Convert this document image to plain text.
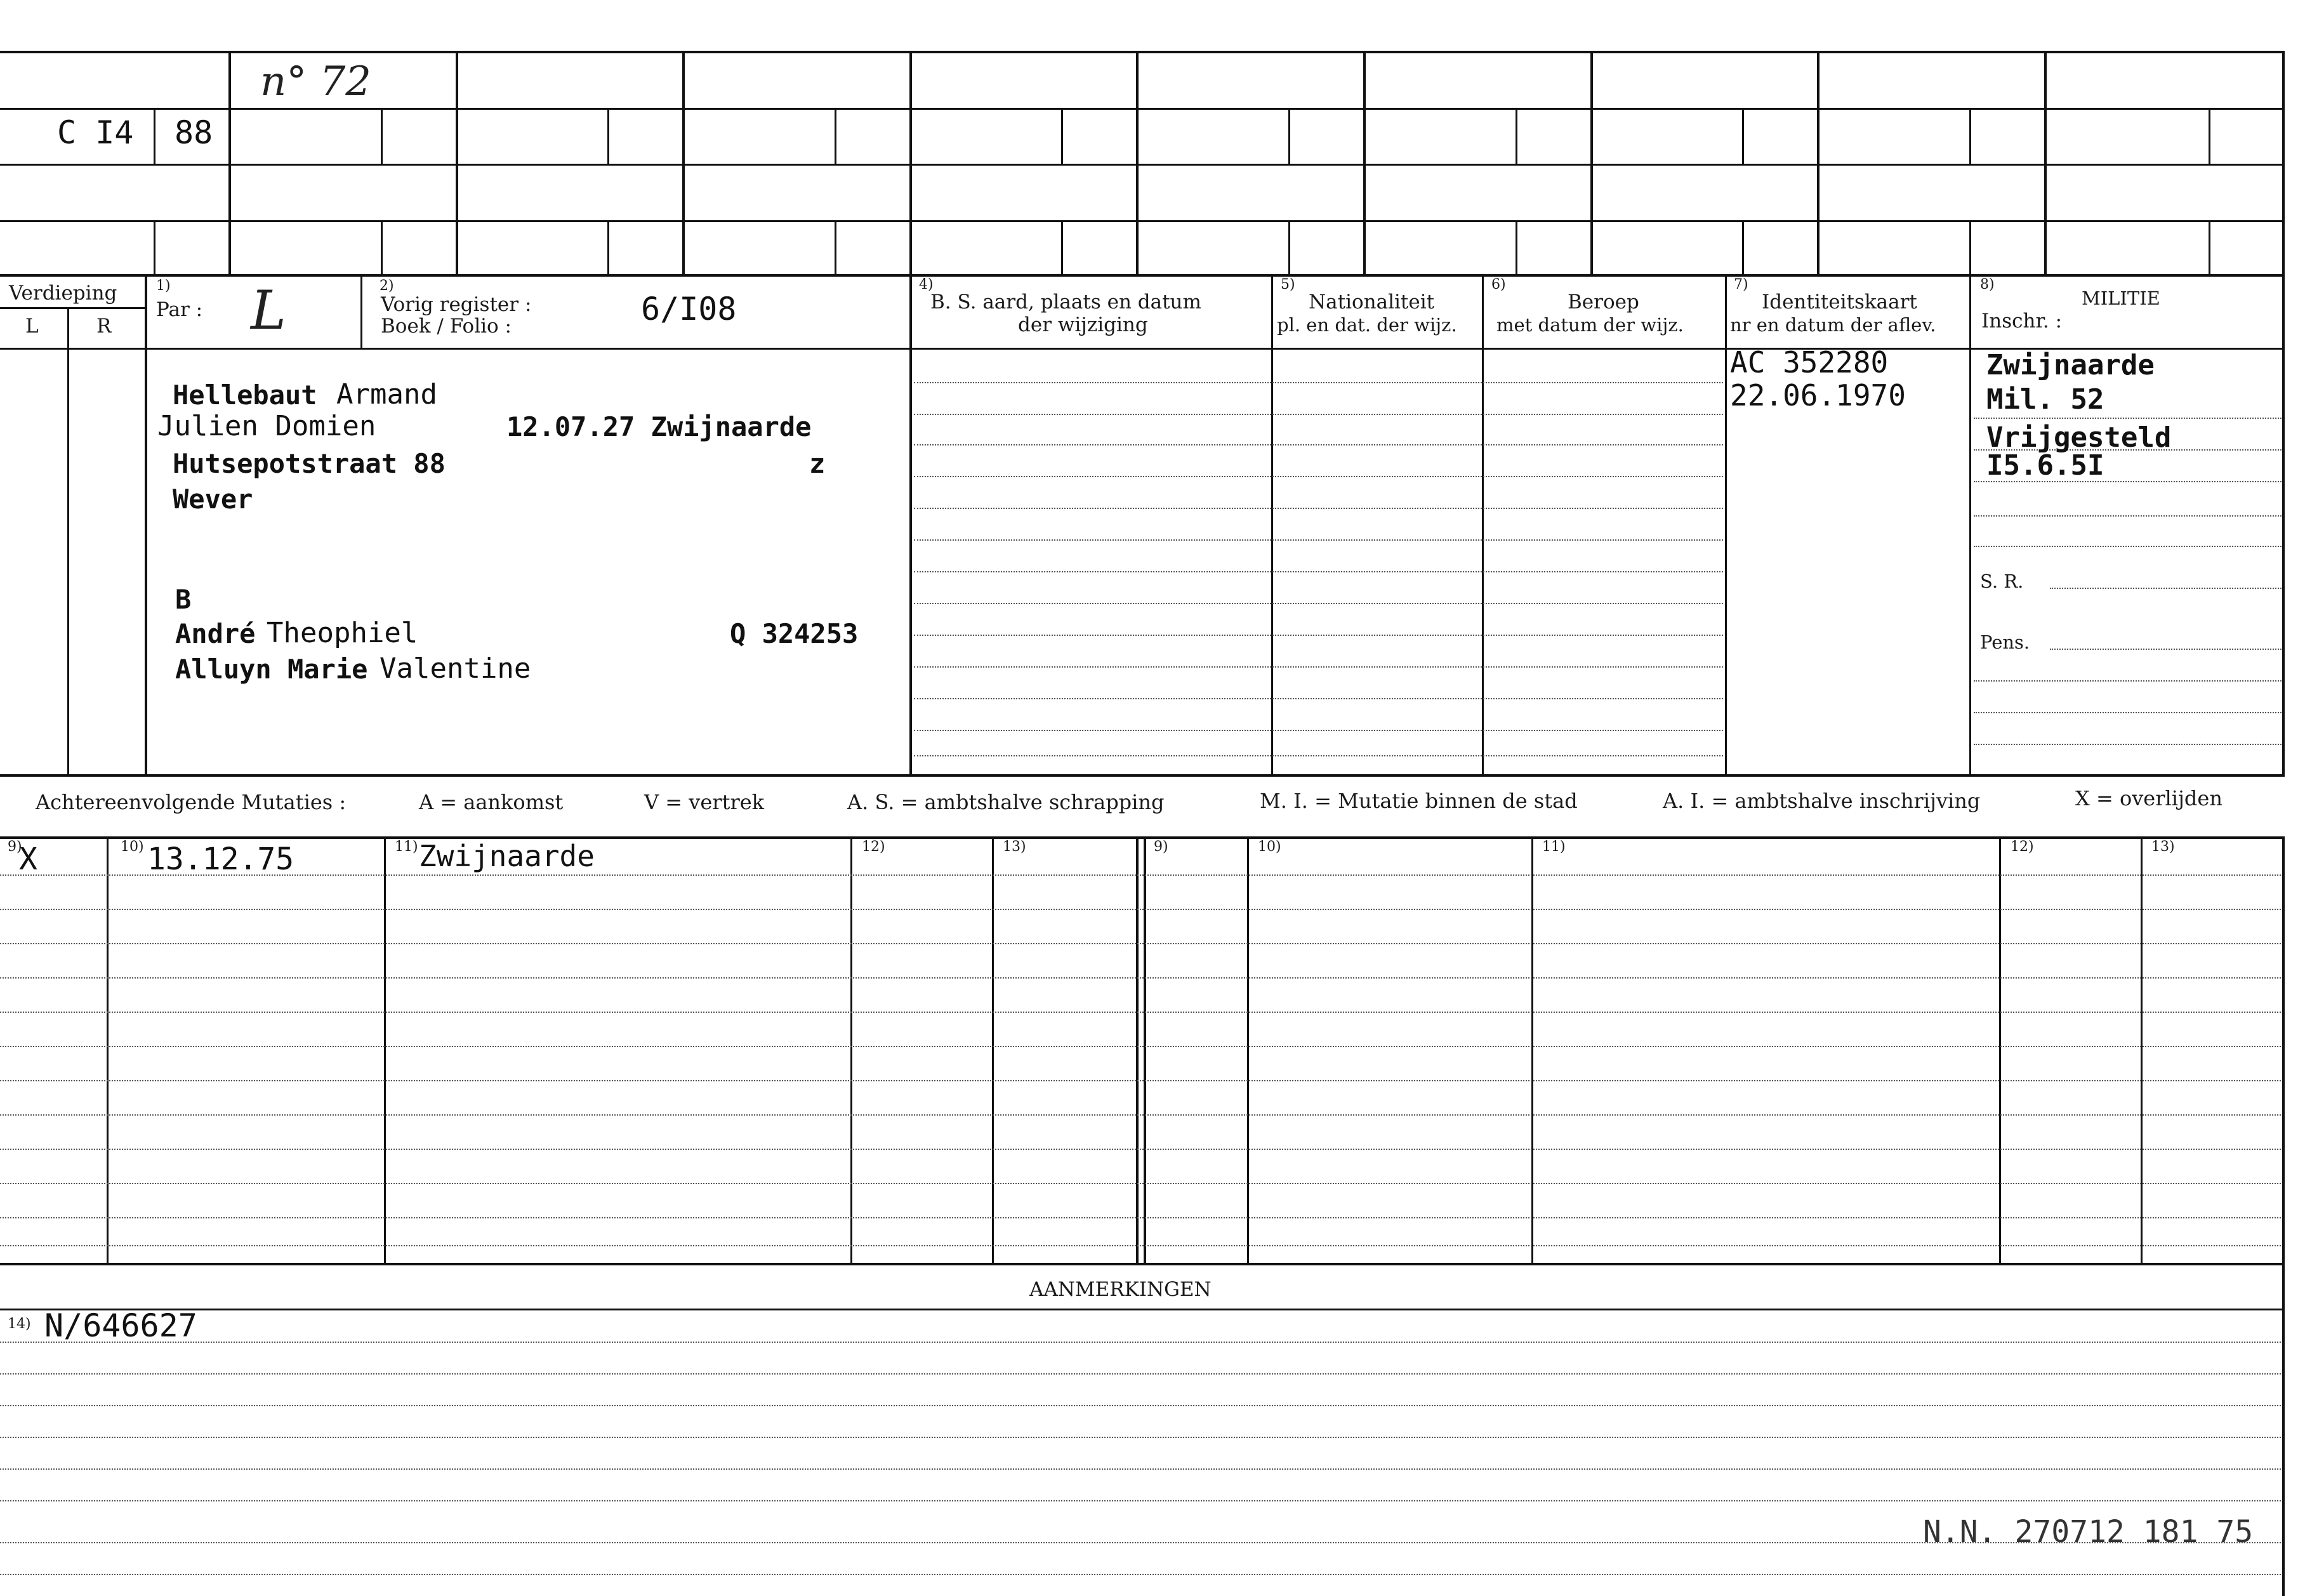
C I4 88
n° 72
Verdieping
L	R
1)
Par : L	2)
Vorig register :
Boek / Folio :	6/I08
4)
B. S. aard, plaats en datum
der wijziging
5)
Nationaliteit
pl. en dat. der wijz.
6)
Beroep
met datum der wijz.
7)
Identiteitskaart
nr en datum der aflev.
8)
MILITIE
Inschr. :
S. R.
Pens.
Hellebaut Armand
Julien Domien	12.07.27 Zwijnaarde
Hutsepotstraat 88	z
Wever
B
André Theophiel	Q 324253
Alluyn Marie Valentine
AC 352280
22.06.1970
Zwijnaarde
Mil. 52
Vrijgesteld
I5.6.5I
Achtereenvolgende Mutaties :	A = aankomst	V = vertrek	A. S. = ambtshalve schrapping	M. I. = Mutatie binnen de stad	A. I. = ambtshalve inschrijving	X = overlijden
9)	10)	11)	12)	13)	9)	10)	11)	12)	13)
X	13.12.75	Zwijnaarde
AANMERKINGEN
14) N/646627
N.N. 270712 181 75
